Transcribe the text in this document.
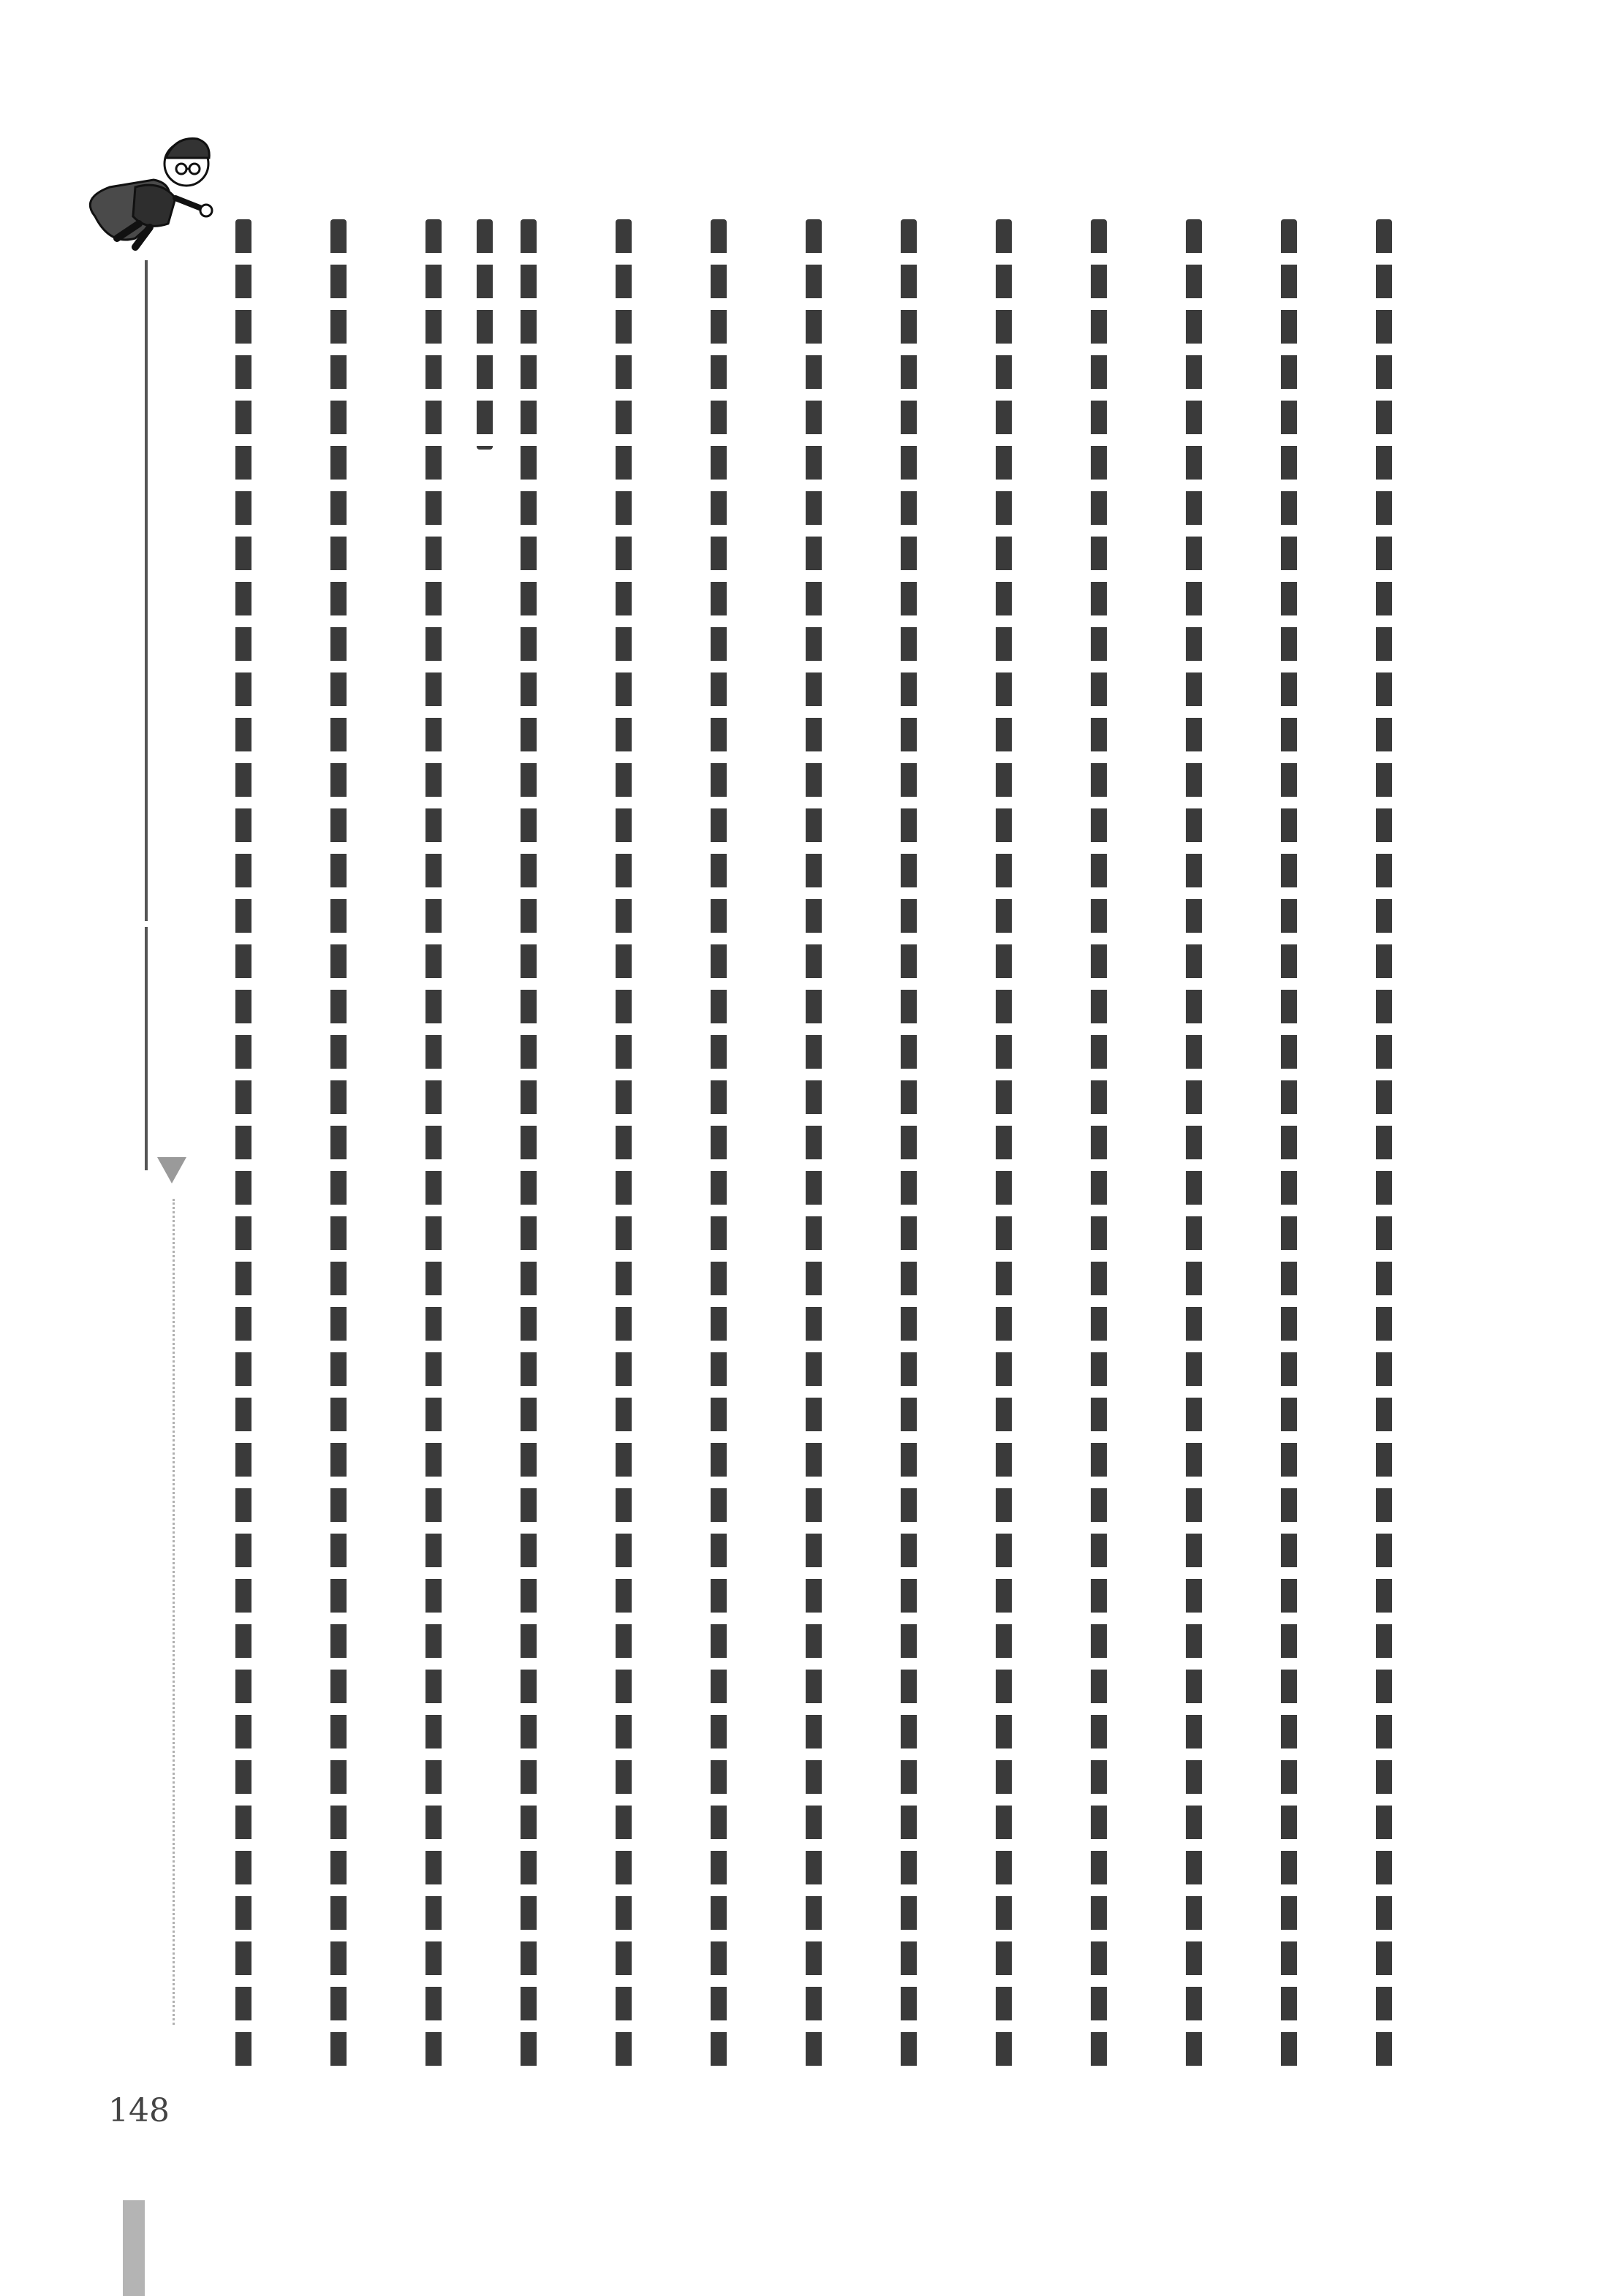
148
